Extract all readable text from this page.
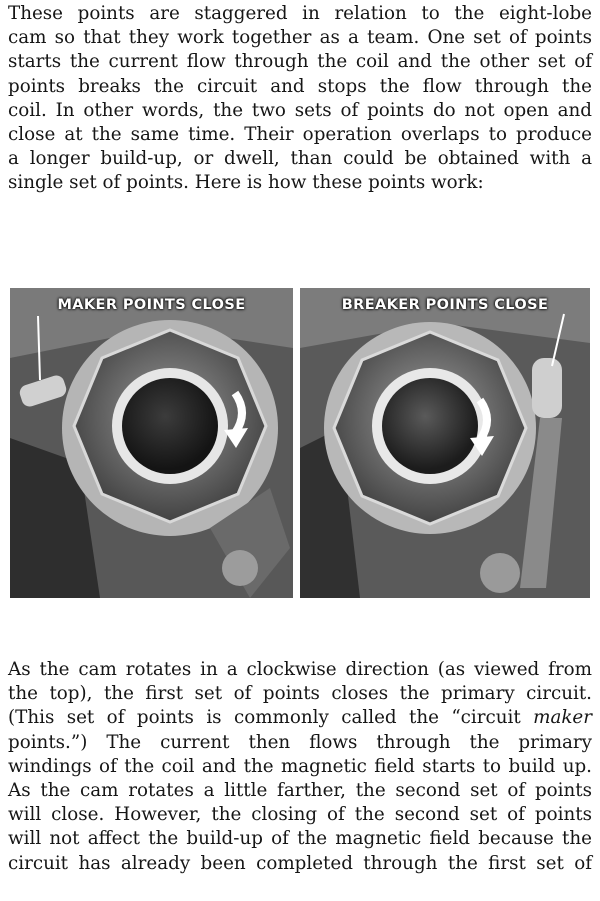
These points are staggered in relation to the eight-lobe
cam so that they work together as a team. One set of points
starts the current flow through the coil and the other set of
points breaks the circuit and stops the flow through the
coil. In other words, the two sets of points do not open and
close at the same time. Their operation overlaps to produce
a longer build-up, or dwell, than could be obtained with a
single set of points. Here is how these points work:
MAKER POINTS CLOSE	BREAKER POINTS CLOSE
As the cam rotates in a clockwise direction (as viewed from
the top), the first set of points closes the primary circuit.
(This set of points is commonly called the “circuit maker
points.”) The current then flows through the primary
windings of the coil and the magnetic field starts to build up.
As the cam rotates a little farther, the second set of points
will close. However, the closing of the second set of points
will not affect the build-up of the magnetic field because the
circuit has already been completed through the first set of
